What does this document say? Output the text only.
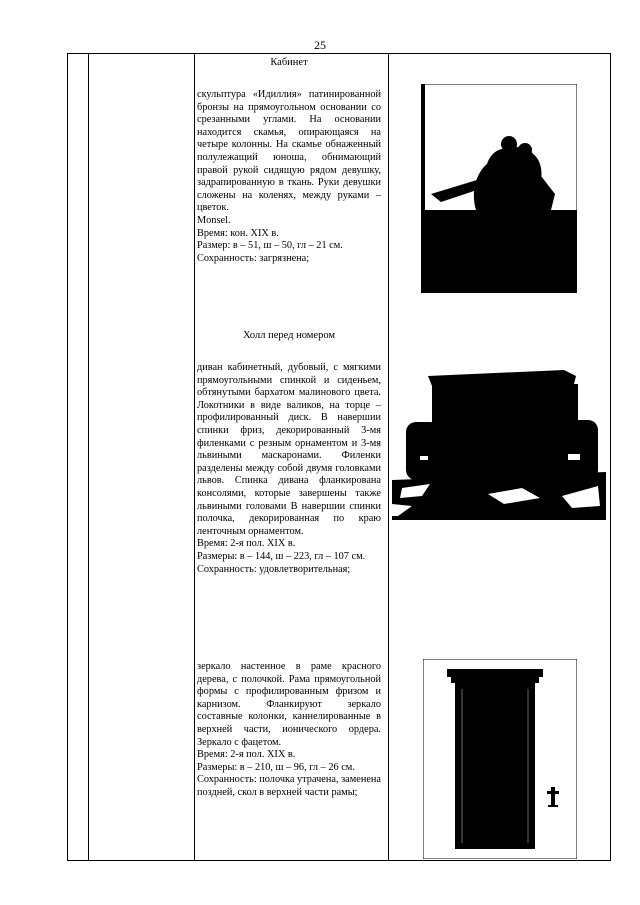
25
Кабинет

скульптура «Идиллия» патинированной бронзы на прямоугольном основании со срезанными углами. На основании находится скамья, опирающаяся на четыре колонны. На скамье обнаженный полулежащий юноша, обнимающий правой рукой сидящую рядом девушку, задрапированную в ткань. Руки девушки сложены на коленях, между руками – цветок.

Monsel.

Время: кон. XIX в.

Размер: в – 51, ш – 50, гл – 21 см.

Сохранность: загрязнена;

Холл перед номером

диван кабинетный, дубовый, с мягкими прямоугольными спинкой и сиденьем, обтянутыми бархатом малинового цвета. Локотники в виде валиков, на торце – профилированный диск. В навершии спинки фриз, декорированный 3-мя филенками с резным орнаментом и 3-мя львиными маскаронами. Филенки разделены между собой двумя головками львов. Спинка дивана фланкирована консолями, которые завершены также львиными головами В навершии спинки полочка, декорированная по краю ленточным орнаментом.

Время: 2-я пол. XIX в.

Размеры: в – 144, ш – 223, гл – 107 см.

Сохранность: удовлетворительная;

зеркало настенное в раме красного дерева, с полочкой. Рама прямоугольной формы с профилированным фризом и карнизом. Фланкируют зеркало составные колонки, каннелированные в верхней части, ионического ордера. Зеркало с фацетом.

Время: 2-я пол. XIX в.

Размеры: в – 210, ш – 96, гл – 26 см.

Сохранность: полочка утрачена, заменена поздней, скол в верхней части рамы;
